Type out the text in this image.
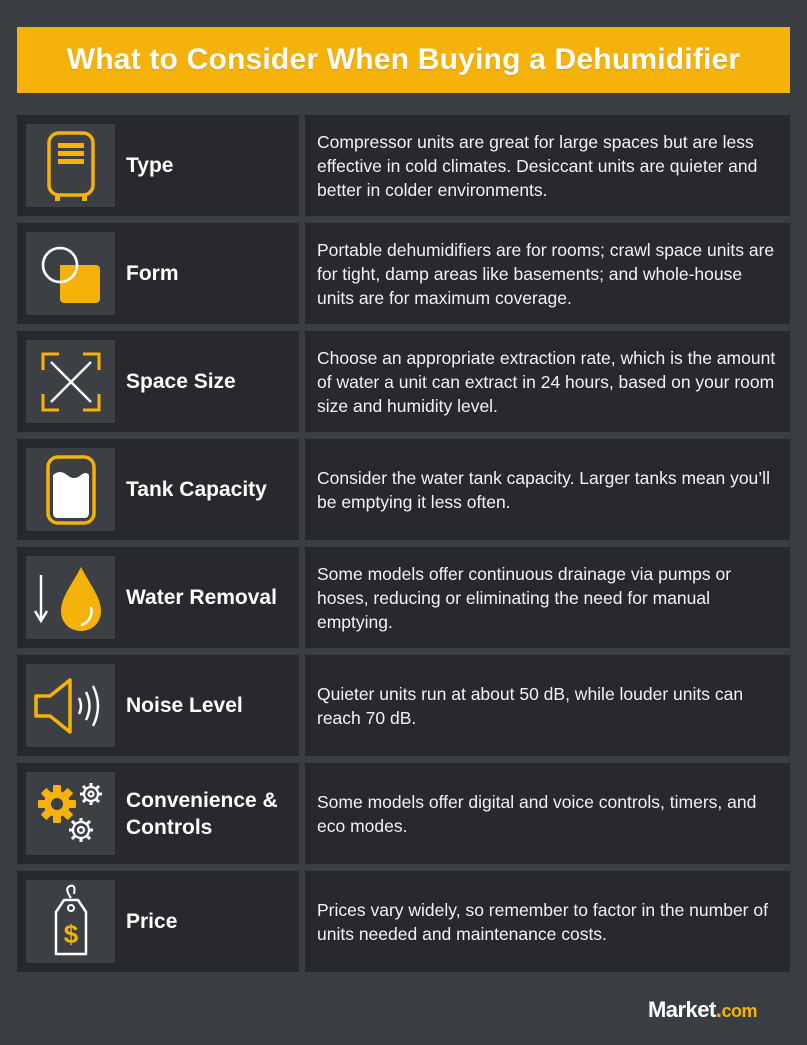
What to Consider When Buying a Dehumidifier
Type
Compressor units are great for large spaces but are less effective in cold climates. Desiccant units are quieter and better in colder environments.
Form
Portable dehumidifiers are for rooms; crawl space units are for tight, damp areas like basements; and whole-house units are for maximum coverage.
Space Size
Choose an appropriate extraction rate, which is the amount of water a unit can extract in 24 hours, based on your room size and humidity level.
Tank Capacity
Consider the water tank capacity. Larger tanks mean you’ll be emptying it less often.
Water Removal
Some models offer continuous drainage via pumps or hoses, reducing or eliminating the need for manual emptying.
Noise Level
Quieter units run at about 50 dB, while louder units can reach 70 dB.
Convenience & Controls
Some models offer digital and voice controls, timers, and eco modes.
$ Price
Prices vary widely, so remember to factor in the number of units needed and maintenance costs.
Market.com
